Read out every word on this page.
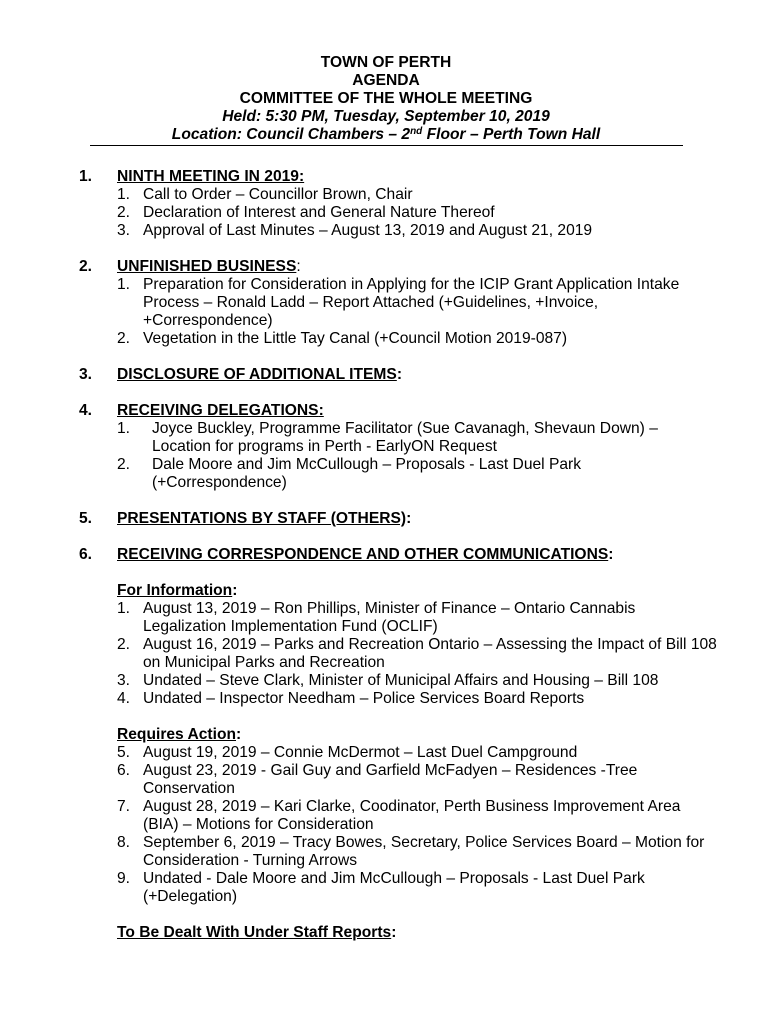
TOWN OF PERTH
AGENDA
COMMITTEE OF THE WHOLE MEETING
Held: 5:30 PM, Tuesday, September 10, 2019
Location: Council Chambers – 2nd Floor – Perth Town Hall
1. NINTH MEETING IN 2019:
1. Call to Order – Councillor Brown, Chair
2. Declaration of Interest and General Nature Thereof
3. Approval of Last Minutes – August 13, 2019 and August 21, 2019
2. UNFINISHED BUSINESS:
1. Preparation for Consideration in Applying for the ICIP Grant Application Intake
Process – Ronald Ladd – Report Attached (+Guidelines, +Invoice,
+Correspondence)
2. Vegetation in the Little Tay Canal (+Council Motion 2019-087)
3. DISCLOSURE OF ADDITIONAL ITEMS:
4. RECEIVING DELEGATIONS:
1.	Joyce Buckley, Programme Facilitator (Sue Cavanagh, Shevaun Down) –
Location for programs in Perth - EarlyON Request
2.	Dale Moore and Jim McCullough – Proposals - Last Duel Park
(+Correspondence)
5. PRESENTATIONS BY STAFF (OTHERS):
6. RECEIVING CORRESPONDENCE AND OTHER COMMUNICATIONS:
For Information:
1. August 13, 2019 – Ron Phillips, Minister of Finance – Ontario Cannabis
Legalization Implementation Fund (OCLIF)
2. August 16, 2019 – Parks and Recreation Ontario – Assessing the Impact of Bill 108
on Municipal Parks and Recreation
3. Undated – Steve Clark, Minister of Municipal Affairs and Housing – Bill 108
4. Undated – Inspector Needham – Police Services Board Reports
Requires Action:
5. August 19, 2019 – Connie McDermot – Last Duel Campground
6. August 23, 2019 - Gail Guy and Garfield McFadyen – Residences -Tree
Conservation
7. August 28, 2019 – Kari Clarke, Coodinator, Perth Business Improvement Area
(BIA) – Motions for Consideration
8. September 6, 2019 – Tracy Bowes, Secretary, Police Services Board – Motion for
Consideration - Turning Arrows
9. Undated - Dale Moore and Jim McCullough – Proposals - Last Duel Park
(+Delegation)
To Be Dealt With Under Staff Reports:
